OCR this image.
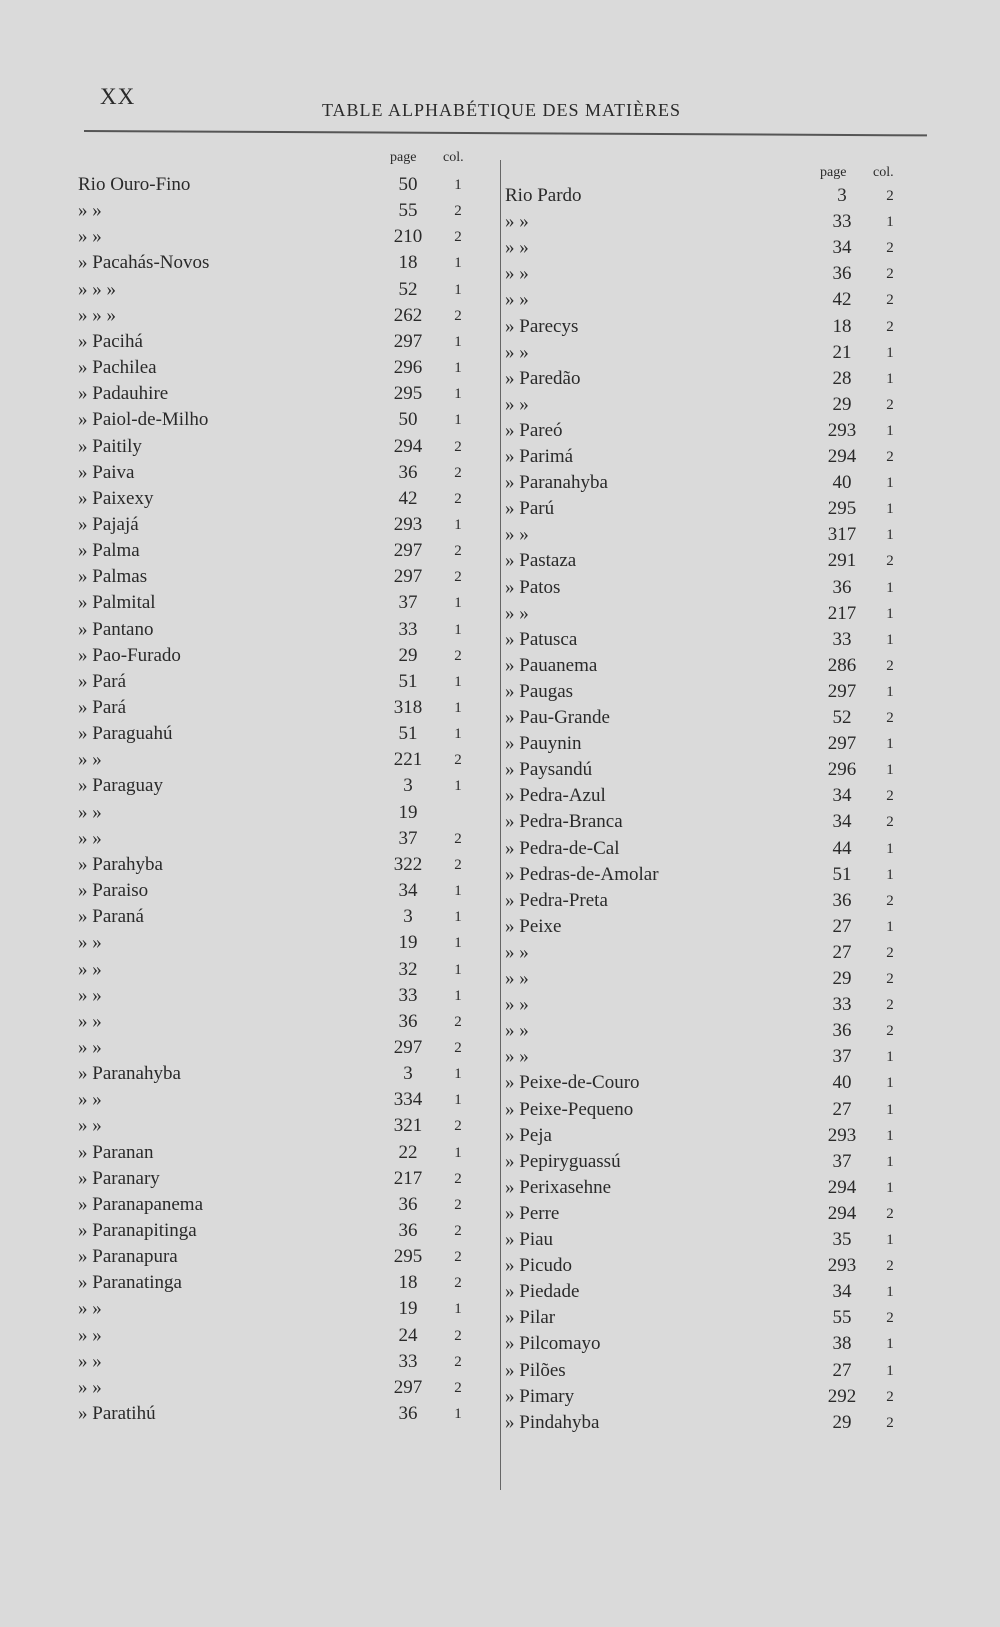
XX
TABLE ALPHABÉTIQUE DES MATIÈRES
page col.
Rio Ouro-Fino .....	50	1
» » .....	55	2
» » .....	210	2
» Pacahás-Novos .....	18	1
» » » .....	52	1
» » » .....	262	2
» Pacihá .....	297	1
» Pachilea .....	296	1
» Padauhire .....	295	1
» Paiol-de-Milho .....	50	1
» Paitily .....	294	2
» Paiva .....	36	2
» Paixexy .....	42	2
» Pajajá .....	293	1
» Palma .....	297	2
» Palmas .....	297	2
» Palmital .....	37	1
» Pantano .....	33	1
» Pao-Furado .....	29	2
» Pará .....	51	1
» Pará .....	318	1
» Paraguahú .....	51	1
» » .....	221	2
» Paraguay .....	3	1
» » .....	19
» » .....	37	2
» Parahyba .....	322	2
» Paraiso .....	34	1
» Paraná .....	3	1
» » .....	19	1
» » .....	32	1
» » .....	33	1
» » .....	36	2
» » .....	297	2
» Paranahyba .....	3	1
» » .....	334	1
» » .....	321	2
» Paranan .....	22	1
» Paranary .....	217	2
» Paranapanema .....	36	2
» Paranapitinga .....	36	2
» Paranapura .....	295	2
» Paranatinga .....	18	2
» » .....	19	1
» » .....	24	2
» » .....	33	2
» » .....	297	2
» Paratihú .....	36	1
page col.
Rio Pardo .....	3	2
» » .....	33	1
» » .....	34	2
» » .....	36	2
» » .....	42	2
» Parecys .....	18	2
» » .....	21	1
» Paredão .....	28	1
» » .....	29	2
» Pareó .....	293	1
» Parimá .....	294	2
» Paranahyba .....	40	1
» Parú .....	295	1
» » .....	317	1
» Pastaza .....	291	2
» Patos .....	36	1
» » .....	217	1
» Patusca .....	33	1
» Pauanema .....	286	2
» Paugas .....	297	1
» Pau-Grande .....	52	2
» Pauynin .....	297	1
» Paysandú .....	296	1
» Pedra-Azul .....	34	2
» Pedra-Branca .....	34	2
» Pedra-de-Cal .....	44	1
» Pedras-de-Amolar .....	51	1
» Pedra-Preta .....	36	2
» Peixe .....	27	1
» » .....	27	2
» » .....	29	2
» » .....	33	2
» » .....	36	2
» » .....	37	1
» Peixe-de-Couro .....	40	1
» Peixe-Pequeno .....	27	1
» Peja .....	293	1
» Pepiryguassú .....	37	1
» Perixasehne .....	294	1
» Perre .....	294	2
» Piau .....	35	1
» Picudo .....	293	2
» Piedade .....	34	1
» Pilar .....	55	2
» Pilcomayo .....	38	1
» Pilões .....	27	1
» Pimary .....	292	2
» Pindahyba .....	29	2
